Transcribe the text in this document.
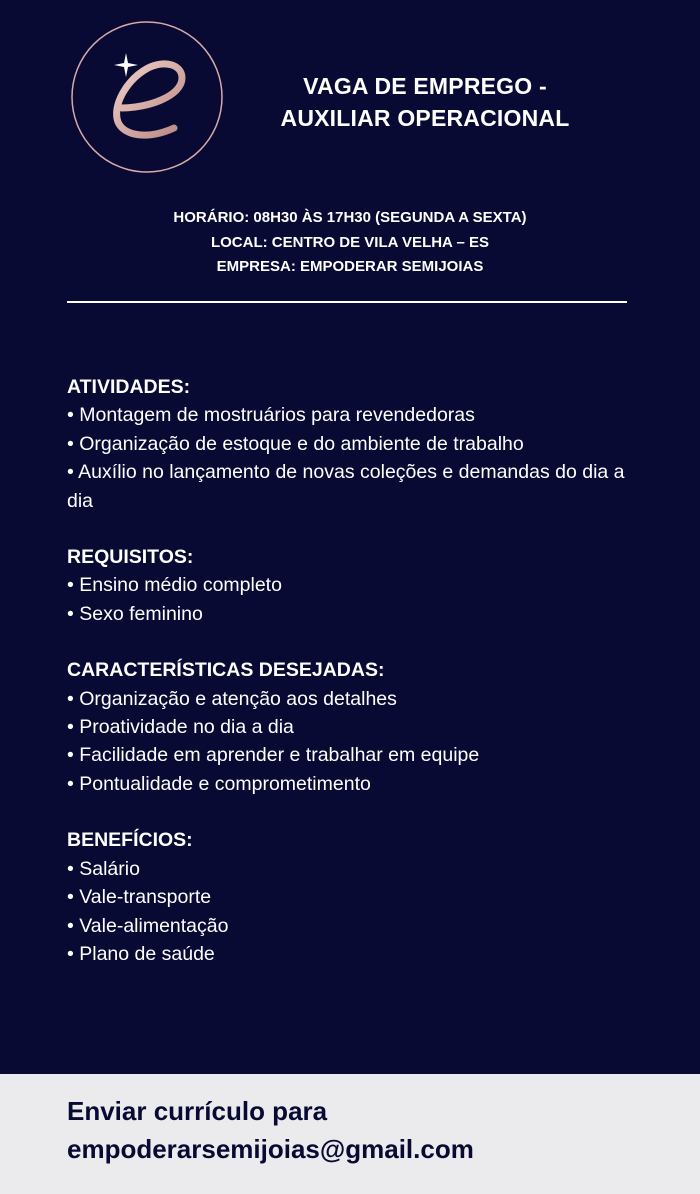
VAGA DE EMPREGO -
AUXILIAR OPERACIONAL
HORÁRIO: 08H30 ÀS 17H30 (SEGUNDA A SEXTA)
LOCAL: CENTRO DE VILA VELHA – ES
EMPRESA: EMPODERAR SEMIJOIAS
ATIVIDADES:
• Montagem de mostruários para revendedoras
• Organização de estoque e do ambiente de trabalho
• Auxílio no lançamento de novas coleções e demandas do dia a dia
REQUISITOS:
• Ensino médio completo
• Sexo feminino
CARACTERÍSTICAS DESEJADAS:
• Organização e atenção aos detalhes
• Proatividade no dia a dia
• Facilidade em aprender e trabalhar em equipe
• Pontualidade e comprometimento
BENEFÍCIOS:
• Salário
• Vale-transporte
• Vale-alimentação
• Plano de saúde
Enviar currículo para
empoderarsemijoias@gmail.com
